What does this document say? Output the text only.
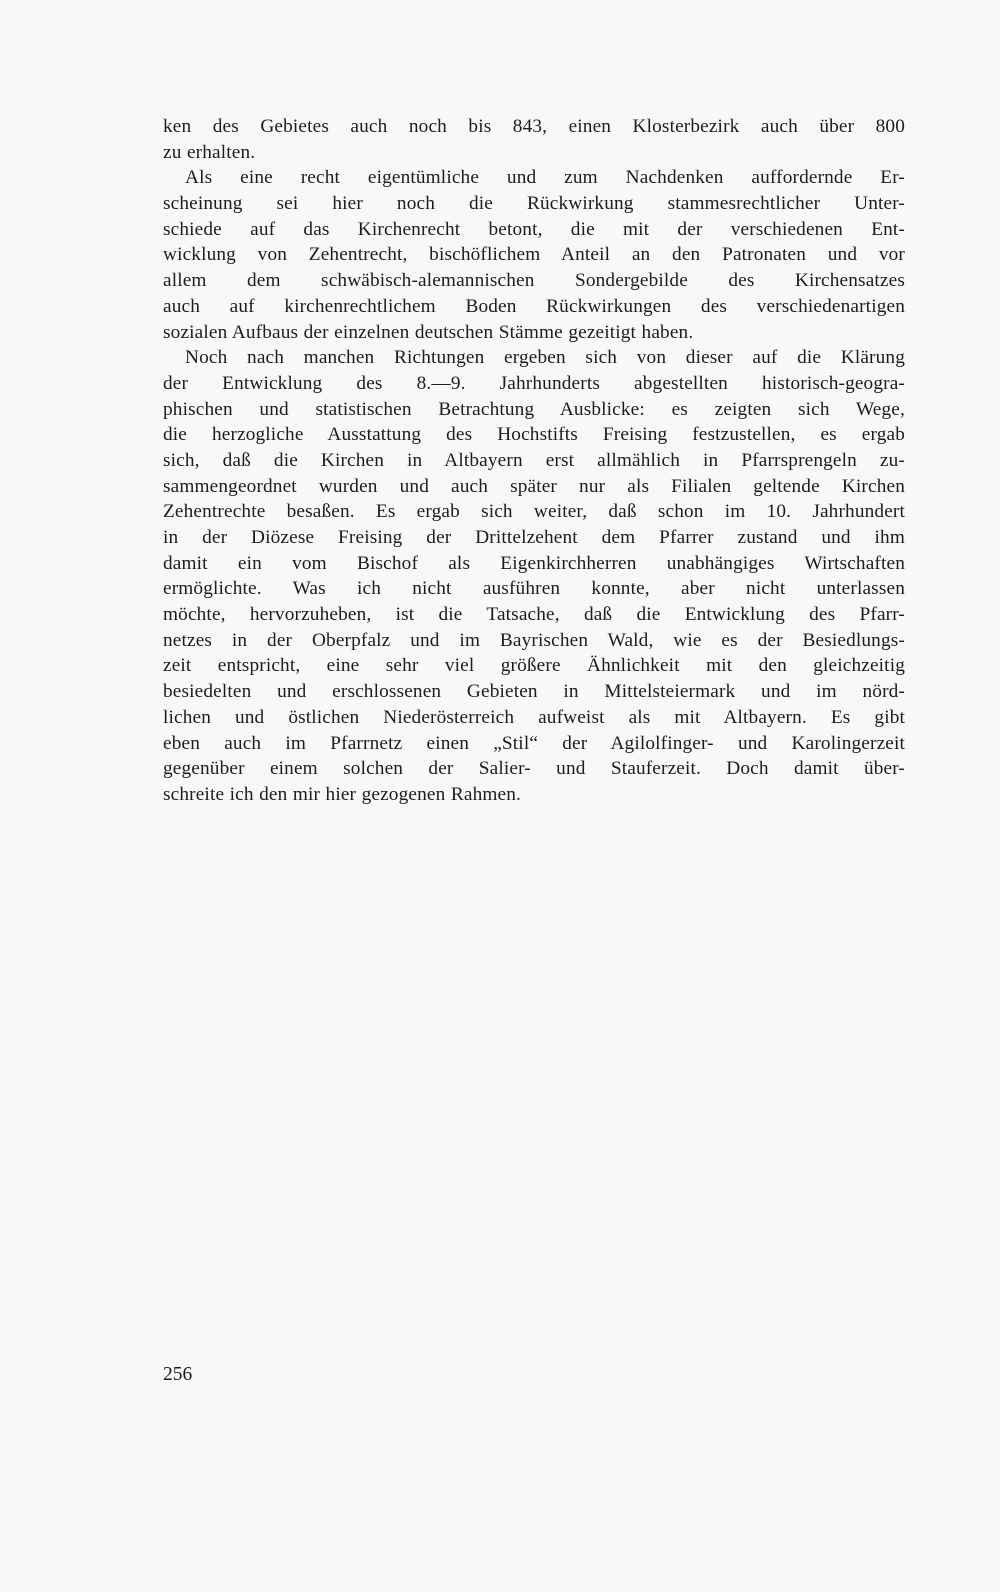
ken des Gebietes auch noch bis 843, einen Klosterbezirk auch über 800
zu erhalten.
Als eine recht eigentümliche und zum Nachdenken auffordernde Er-
scheinung sei hier noch die Rückwirkung stammesrechtlicher Unter-
schiede auf das Kirchenrecht betont, die mit der verschiedenen Ent-
wicklung von Zehentrecht, bischöflichem Anteil an den Patronaten und vor
allem dem schwäbisch-alemannischen Sondergebilde des Kirchensatzes
auch auf kirchenrechtlichem Boden Rückwirkungen des verschiedenartigen
sozialen Aufbaus der einzelnen deutschen Stämme gezeitigt haben.
Noch nach manchen Richtungen ergeben sich von dieser auf die Klärung
der Entwicklung des 8.—9. Jahrhunderts abgestellten historisch-geogra-
phischen und statistischen Betrachtung Ausblicke: es zeigten sich Wege,
die herzogliche Ausstattung des Hochstifts Freising festzustellen, es ergab
sich, daß die Kirchen in Altbayern erst allmählich in Pfarrsprengeln zu-
sammengeordnet wurden und auch später nur als Filialen geltende Kirchen
Zehentrechte besaßen. Es ergab sich weiter, daß schon im 10. Jahrhundert
in der Diözese Freising der Drittelzehent dem Pfarrer zustand und ihm
damit ein vom Bischof als Eigenkirchherren unabhängiges Wirtschaften
ermöglichte. Was ich nicht ausführen konnte, aber nicht unterlassen
möchte, hervorzuheben, ist die Tatsache, daß die Entwicklung des Pfarr-
netzes in der Oberpfalz und im Bayrischen Wald, wie es der Besiedlungs-
zeit entspricht, eine sehr viel größere Ähnlichkeit mit den gleichzeitig
besiedelten und erschlossenen Gebieten in Mittelsteiermark und im nörd-
lichen und östlichen Niederösterreich aufweist als mit Altbayern. Es gibt
eben auch im Pfarrnetz einen „Stil“ der Agilolfinger- und Karolingerzeit
gegenüber einem solchen der Salier- und Stauferzeit. Doch damit über-
schreite ich den mir hier gezogenen Rahmen.
256
